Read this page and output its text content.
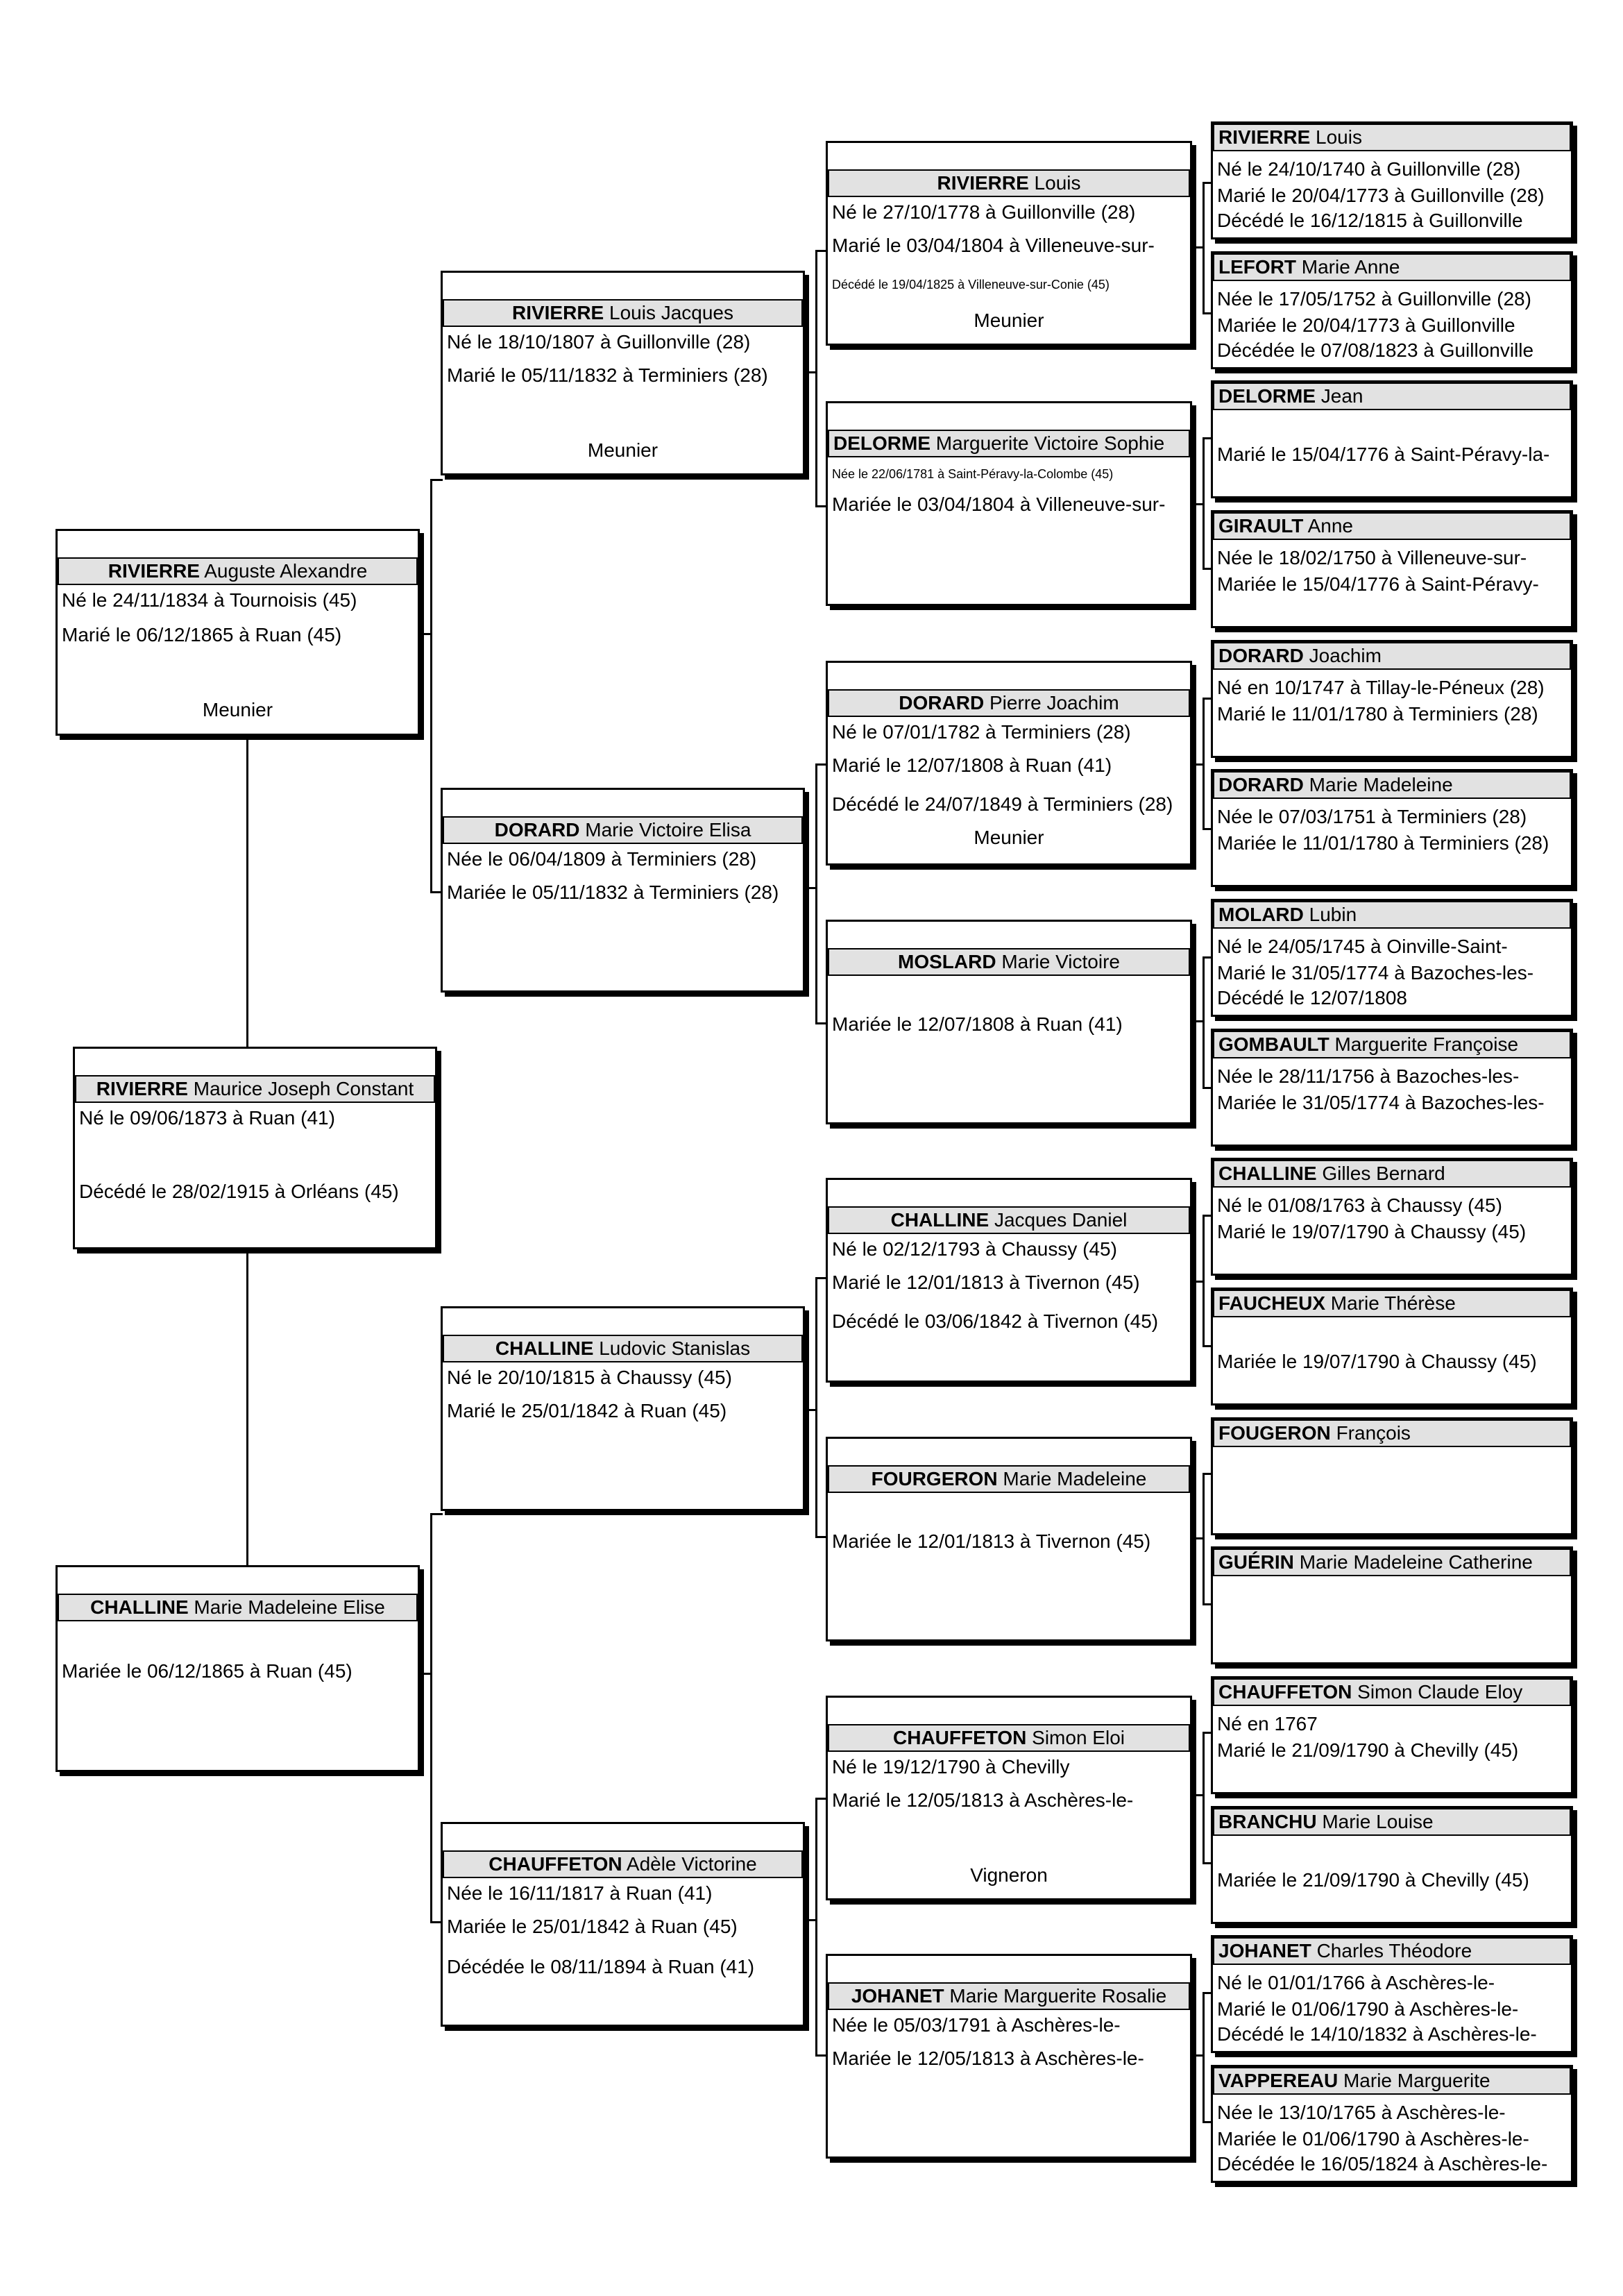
RIVIERRE Maurice Joseph Constant
Né le 09/06/1873 à Ruan (41)
Décédé le 28/02/1915 à Orléans (45)
RIVIERRE Auguste Alexandre
Né le 24/11/1834 à Tournoisis (45)
Marié le 06/12/1865 à Ruan (45)
Meunier
CHALLINE Marie Madeleine Elise
Mariée le 06/12/1865 à Ruan (45)
RIVIERRE Louis Jacques
Né le 18/10/1807 à Guillonville (28)
Marié le 05/11/1832 à Terminiers (28)
Meunier
DORARD Marie Victoire Elisa
Née le 06/04/1809 à Terminiers (28)
Mariée le 05/11/1832 à Terminiers (28)
CHALLINE Ludovic Stanislas
Né le 20/10/1815 à Chaussy (45)
Marié le 25/01/1842 à Ruan (45)
CHAUFFETON Adèle Victorine
Née le 16/11/1817 à Ruan (41)
Mariée le 25/01/1842 à Ruan (45)
Décédée le 08/11/1894 à Ruan (41)
RIVIERRE Louis
Né le 27/10/1778 à Guillonville (28)
Marié le 03/04/1804 à Villeneuve-sur-
Décédé le 19/04/1825 à Villeneuve-sur-Conie (45)
Meunier
DELORME Marguerite Victoire Sophie
Née le 22/06/1781 à Saint-Péravy-la-Colombe (45)
Mariée le 03/04/1804 à Villeneuve-sur-
DORARD Pierre Joachim
Né le 07/01/1782 à Terminiers (28)
Marié le 12/07/1808 à Ruan (41)
Décédé le 24/07/1849 à Terminiers (28)
Meunier
MOSLARD Marie Victoire
Mariée le 12/07/1808 à Ruan (41)
CHALLINE Jacques Daniel
Né le 02/12/1793 à Chaussy (45)
Marié le 12/01/1813 à Tivernon (45)
Décédé le 03/06/1842 à Tivernon (45)
FOURGERON Marie Madeleine
Mariée le 12/01/1813 à Tivernon (45)
CHAUFFETON Simon Eloi
Né le 19/12/1790 à Chevilly
Marié le 12/05/1813 à Aschères-le-
Vigneron
JOHANET Marie Marguerite Rosalie
Née le 05/03/1791 à Aschères-le-
Mariée le 12/05/1813 à Aschères-le-
RIVIERRE Louis
Né le 24/10/1740 à Guillonville (28)
Marié le 20/04/1773 à Guillonville (28)
Décédé le 16/12/1815 à Guillonville
LEFORT Marie Anne
Née le 17/05/1752 à Guillonville (28)
Mariée le 20/04/1773 à Guillonville
Décédée le 07/08/1823 à Guillonville
DELORME Jean
Marié le 15/04/1776 à Saint-Péravy-la-
GIRAULT Anne
Née le 18/02/1750 à Villeneuve-sur-
Mariée le 15/04/1776 à Saint-Péravy-
DORARD Joachim
Né en 10/1747 à Tillay-le-Péneux (28)
Marié le 11/01/1780 à Terminiers (28)
DORARD Marie Madeleine
Née le 07/03/1751 à Terminiers (28)
Mariée le 11/01/1780 à Terminiers (28)
MOLARD Lubin
Né le 24/05/1745 à Oinville-Saint-
Marié le 31/05/1774 à Bazoches-les-
Décédé le 12/07/1808
GOMBAULT Marguerite Françoise
Née le 28/11/1756 à Bazoches-les-
Mariée le 31/05/1774 à Bazoches-les-
CHALLINE Gilles Bernard
Né le 01/08/1763 à Chaussy (45)
Marié le 19/07/1790 à Chaussy (45)
FAUCHEUX Marie Thérèse
Mariée le 19/07/1790 à Chaussy (45)
FOUGERON François
GUÉRIN Marie Madeleine Catherine
CHAUFFETON Simon Claude Eloy
Né en 1767
Marié le 21/09/1790 à Chevilly (45)
BRANCHU Marie Louise
Mariée le 21/09/1790 à Chevilly (45)
JOHANET Charles Théodore
Né le 01/01/1766 à Aschères-le-
Marié le 01/06/1790 à Aschères-le-
Décédé le 14/10/1832 à Aschères-le-
VAPPEREAU Marie Marguerite
Née le 13/10/1765 à Aschères-le-
Mariée le 01/06/1790 à Aschères-le-
Décédée le 16/05/1824 à Aschères-le-
